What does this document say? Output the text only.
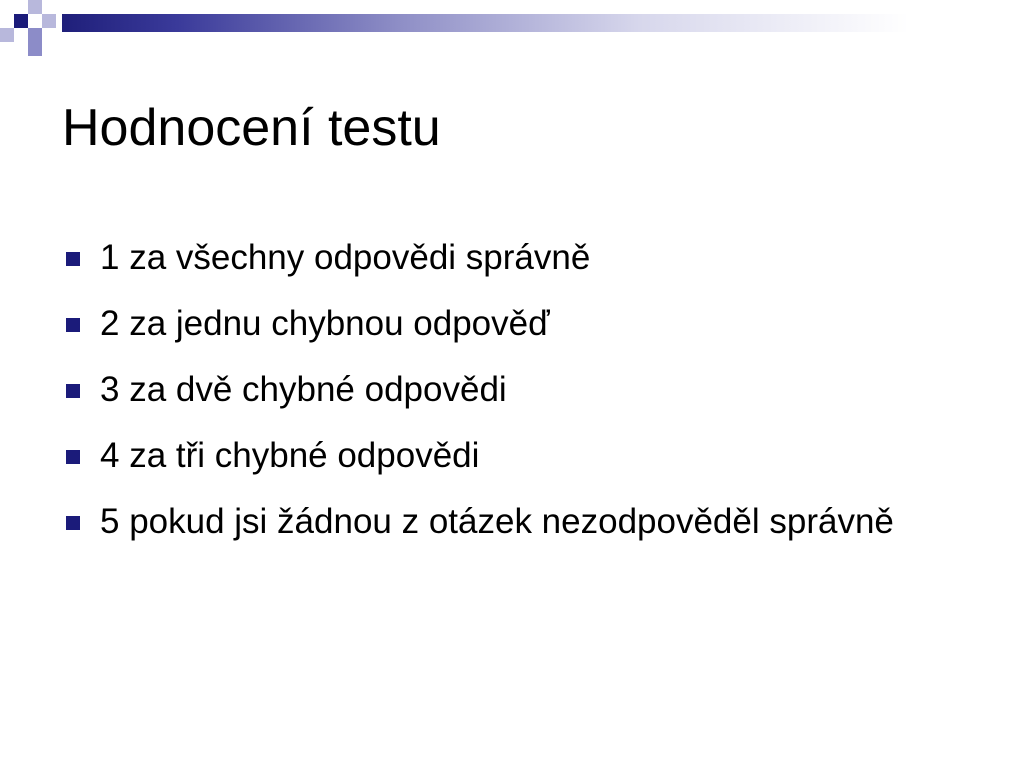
Hodnocení testu
1 za všechny odpovědi správně
2 za jednu chybnou odpověď
3 za dvě chybné odpovědi
4 za tři chybné odpovědi
5 pokud jsi žádnou z otázek nezodpověděl správně
